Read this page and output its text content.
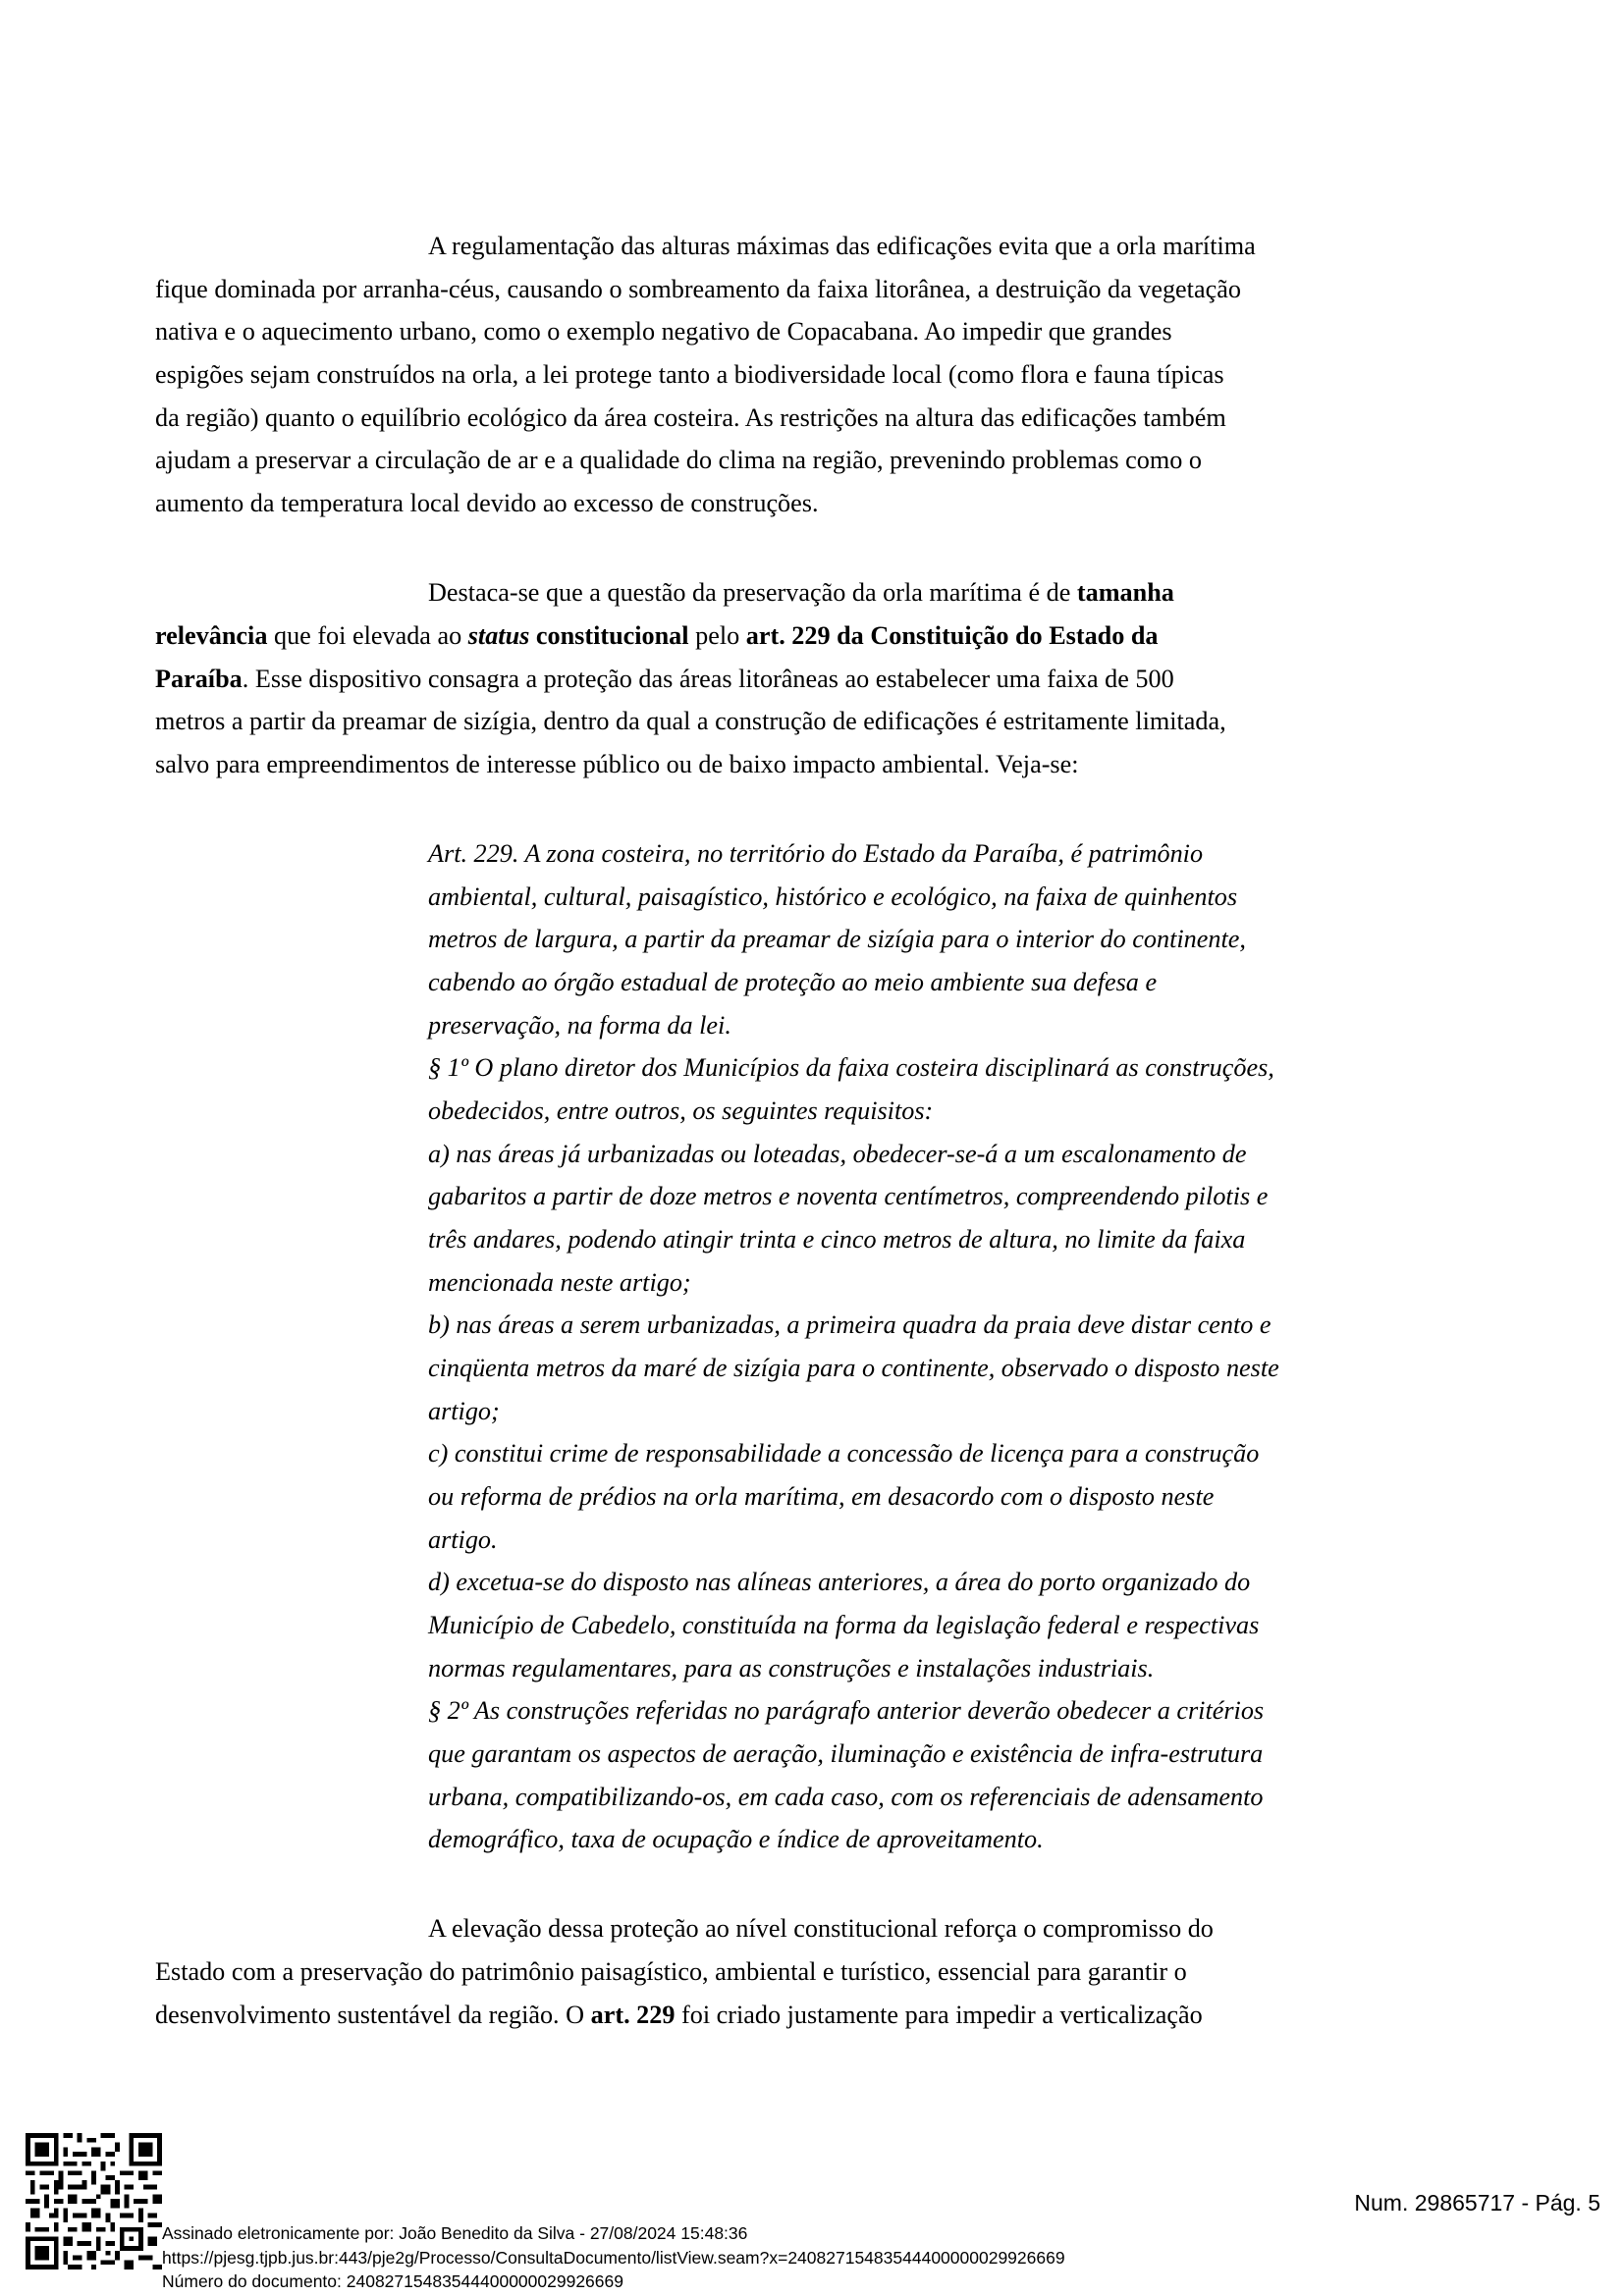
A regulamentação das alturas máximas das edificações evita que a orla marítima
fique dominada por arranha-céus, causando o sombreamento da faixa litorânea, a destruição da vegetação
nativa e o aquecimento urbano, como o exemplo negativo de Copacabana. Ao impedir que grandes
espigões sejam construídos na orla, a lei protege tanto a biodiversidade local (como flora e fauna típicas
da região) quanto o equilíbrio ecológico da área costeira. As restrições na altura das edificações também
ajudam a preservar a circulação de ar e a qualidade do clima na região, prevenindo problemas como o
aumento da temperatura local devido ao excesso de construções.
Destaca-se que a questão da preservação da orla marítima é de tamanha
relevância que foi elevada ao status constitucional pelo art. 229 da Constituição do Estado da
Paraíba. Esse dispositivo consagra a proteção das áreas litorâneas ao estabelecer uma faixa de 500
metros a partir da preamar de sizígia, dentro da qual a construção de edificações é estritamente limitada,
salvo para empreendimentos de interesse público ou de baixo impacto ambiental. Veja-se:
Art. 229. A zona costeira, no território do Estado da Paraíba, é patrimônio
ambiental, cultural, paisagístico, histórico e ecológico, na faixa de quinhentos
metros de largura, a partir da preamar de sizígia para o interior do continente,
cabendo ao órgão estadual de proteção ao meio ambiente sua defesa e
preservação, na forma da lei.
§ 1º O plano diretor dos Municípios da faixa costeira disciplinará as construções,
obedecidos, entre outros, os seguintes requisitos:
a) nas áreas já urbanizadas ou loteadas, obedecer-se-á a um escalonamento de
gabaritos a partir de doze metros e noventa centímetros, compreendendo pilotis e
três andares, podendo atingir trinta e cinco metros de altura, no limite da faixa
mencionada neste artigo;
b) nas áreas a serem urbanizadas, a primeira quadra da praia deve distar cento e
cinqüenta metros da maré de sizígia para o continente, observado o disposto neste
artigo;
c) constitui crime de responsabilidade a concessão de licença para a construção
ou reforma de prédios na orla marítima, em desacordo com o disposto neste
artigo.
d) excetua-se do disposto nas alíneas anteriores, a área do porto organizado do
Município de Cabedelo, constituída na forma da legislação federal e respectivas
normas regulamentares, para as construções e instalações industriais.
§ 2º As construções referidas no parágrafo anterior deverão obedecer a critérios
que garantam os aspectos de aeração, iluminação e existência de infra-estrutura
urbana, compatibilizando-os, em cada caso, com os referenciais de adensamento
demográfico, taxa de ocupação e índice de aproveitamento.
A elevação dessa proteção ao nível constitucional reforça o compromisso do
Estado com a preservação do patrimônio paisagístico, ambiental e turístico, essencial para garantir o
desenvolvimento sustentável da região. O art. 229 foi criado justamente para impedir a verticalização
Assinado eletronicamente por: João Benedito da Silva - 27/08/2024 15:48:36
https://pjesg.tjpb.jus.br:443/pje2g/Processo/ConsultaDocumento/listView.seam?x=24082715483544400000029926669
Número do documento: 24082715483544400000029926669
Num. 29865717 - Pág. 5
